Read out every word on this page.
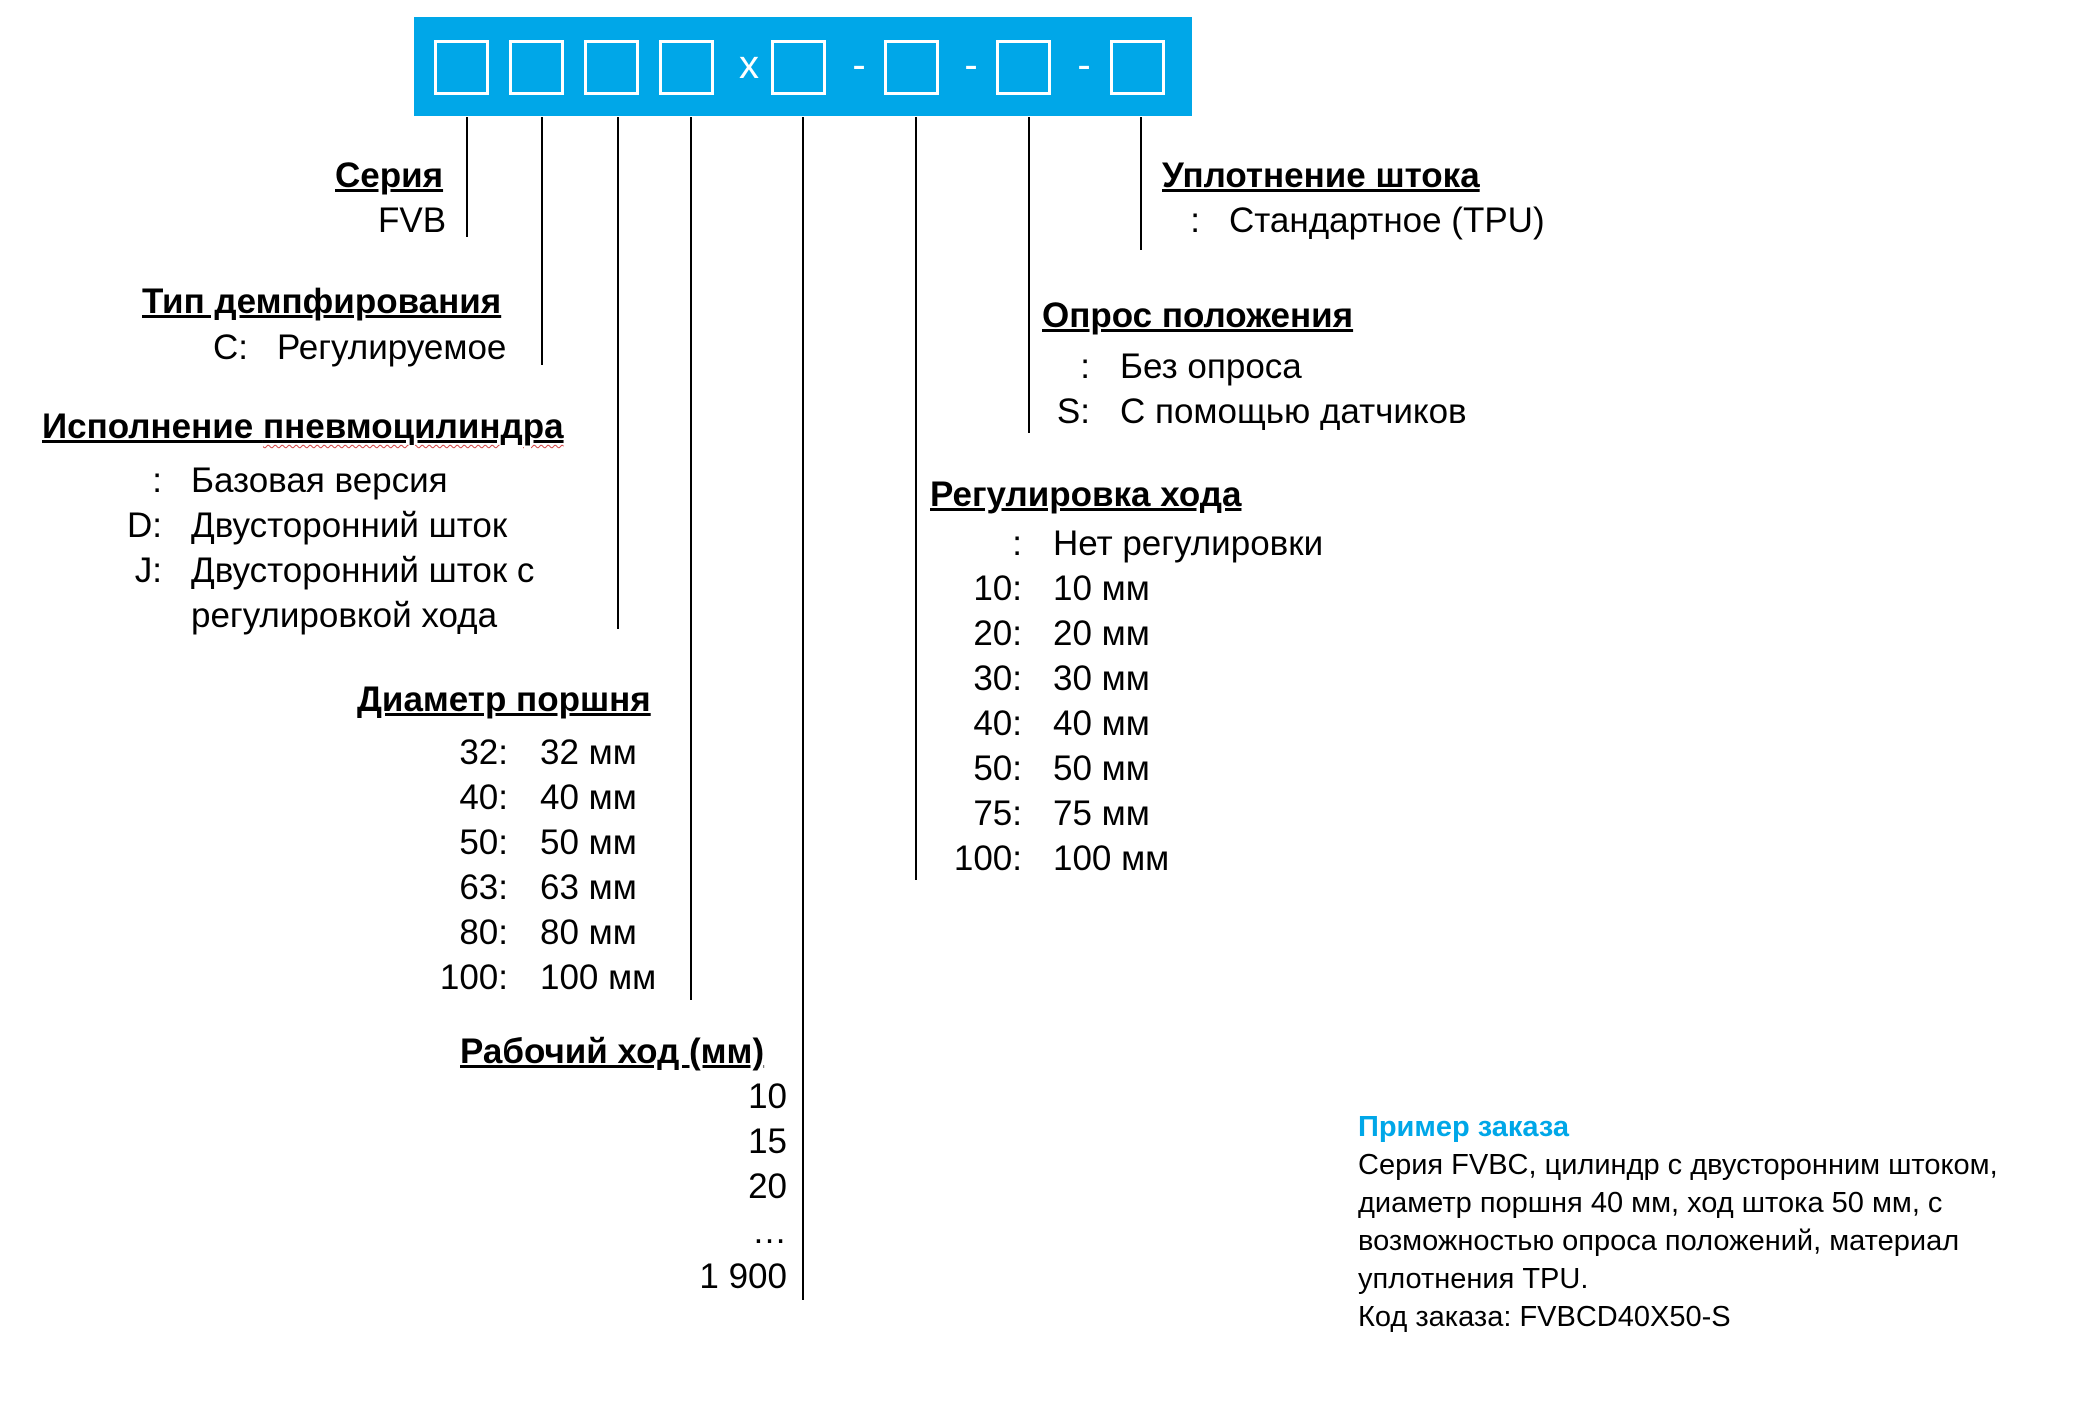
x - - -
Серия
FVB
Тип демпфирования
C: Регулируемое
Исполнение пневмоцилиндра
: Базовая версия
D: Двусторонний шток
J: Двусторонний шток с
регулировкой хода
Диаметр поршня
32: 32 мм
40: 40 мм
50: 50 мм
63: 63 мм
80: 80 мм
100: 100 мм
Рабочий ход (мм)
10
15
20
…
1 900
Регулировка хода
: Нет регулировки
10: 10 мм
20: 20 мм
30: 30 мм
40: 40 мм
50: 50 мм
75: 75 мм
100: 100 мм
Опрос положения
: Без опроса
S: С помощью датчиков
Уплотнение штока
: Стандартное (TPU)
Пример заказа
Серия FVBC, цилиндр с двусторонним штоком,
диаметр поршня 40 мм, ход штока 50 мм, с
возможностью опроса положений, материал
уплотнения TPU.
Код заказа: FVBCD40X50-S
